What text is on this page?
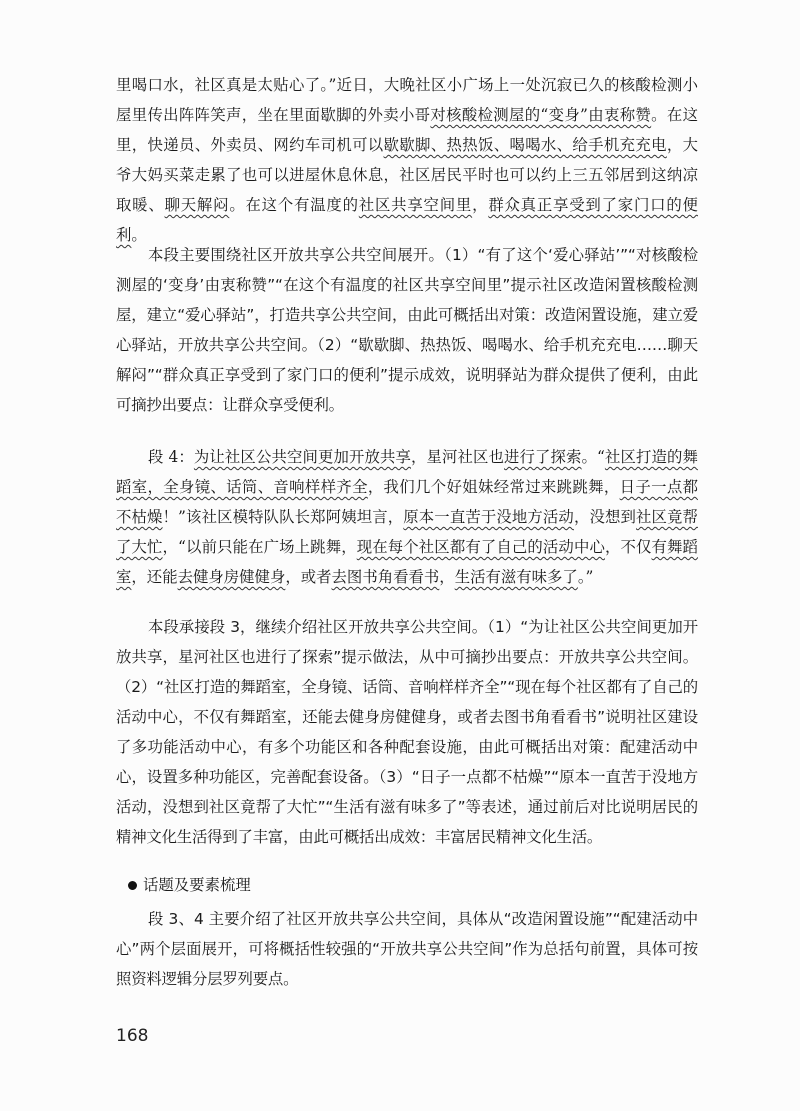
里喝口水，社区真是太贴心了。”近日，大晚社区小广场上一处沉寂已久的核酸检测小屋里传出阵阵笑声，坐在里面歇脚的外卖小哥对核酸检测屋的“变身”由衷称赞。在这里，快递员、外卖员、网约车司机可以歇歇脚、热热饭、喝喝水、给手机充充电，大爷大妈买菜走累了也可以进屋休息休息，社区居民平时也可以约上三五邻居到这纳凉取暖、聊天解闷。在这个有温度的社区共享空间里，群众真正享受到了家门口的便利。

本段主要围绕社区开放共享公共空间展开。（1）“有了这个‘爱心驿站’”“对核酸检测屋的‘变身’由衷称赞”“在这个有温度的社区共享空间里”提示社区改造闲置核酸检测屋，建立“爱心驿站”，打造共享公共空间，由此可概括出对策：改造闲置设施，建立爱心驿站，开放共享公共空间。（2）“歇歇脚、热热饭、喝喝水、给手机充充电……聊天解闷”“群众真正享受到了家门口的便利”提示成效，说明驿站为群众提供了便利，由此可摘抄出要点：让群众享受便利。

段 4：为让社区公共空间更加开放共享，星河社区也进行了探索。“社区打造的舞蹈室，全身镜、话筒、音响样样齐全，我们几个好姐妹经常过来跳跳舞，日子一点都不枯燥！”该社区模特队队长郑阿姨坦言，原本一直苦于没地方活动，没想到社区竟帮了大忙，“以前只能在广场上跳舞，现在每个社区都有了自己的活动中心，不仅有舞蹈室，还能去健身房健健身，或者去图书角看看书，生活有滋有味多了。”

本段承接段 3，继续介绍社区开放共享公共空间。（1）“为让社区公共空间更加开放共享，星河社区也进行了探索”提示做法，从中可摘抄出要点：开放共享公共空间。（2）“社区打造的舞蹈室，全身镜、话筒、音响样样齐全”“现在每个社区都有了自己的活动中心，不仅有舞蹈室，还能去健身房健健身，或者去图书角看看书”说明社区建设了多功能活动中心，有多个功能区和各种配套设施，由此可概括出对策：配建活动中心，设置多种功能区，完善配套设备。（3）“日子一点都不枯燥”“原本一直苦于没地方活动，没想到社区竟帮了大忙”“生活有滋有味多了”等表述，通过前后对比说明居民的精神文化生活得到了丰富，由此可概括出成效：丰富居民精神文化生活。

话题及要素梳理

段 3、4 主要介绍了社区开放共享公共空间，具体从“改造闲置设施”“配建活动中心”两个层面展开，可将概括性较强的“开放共享公共空间”作为总括句前置，具体可按照资料逻辑分层罗列要点。

168
